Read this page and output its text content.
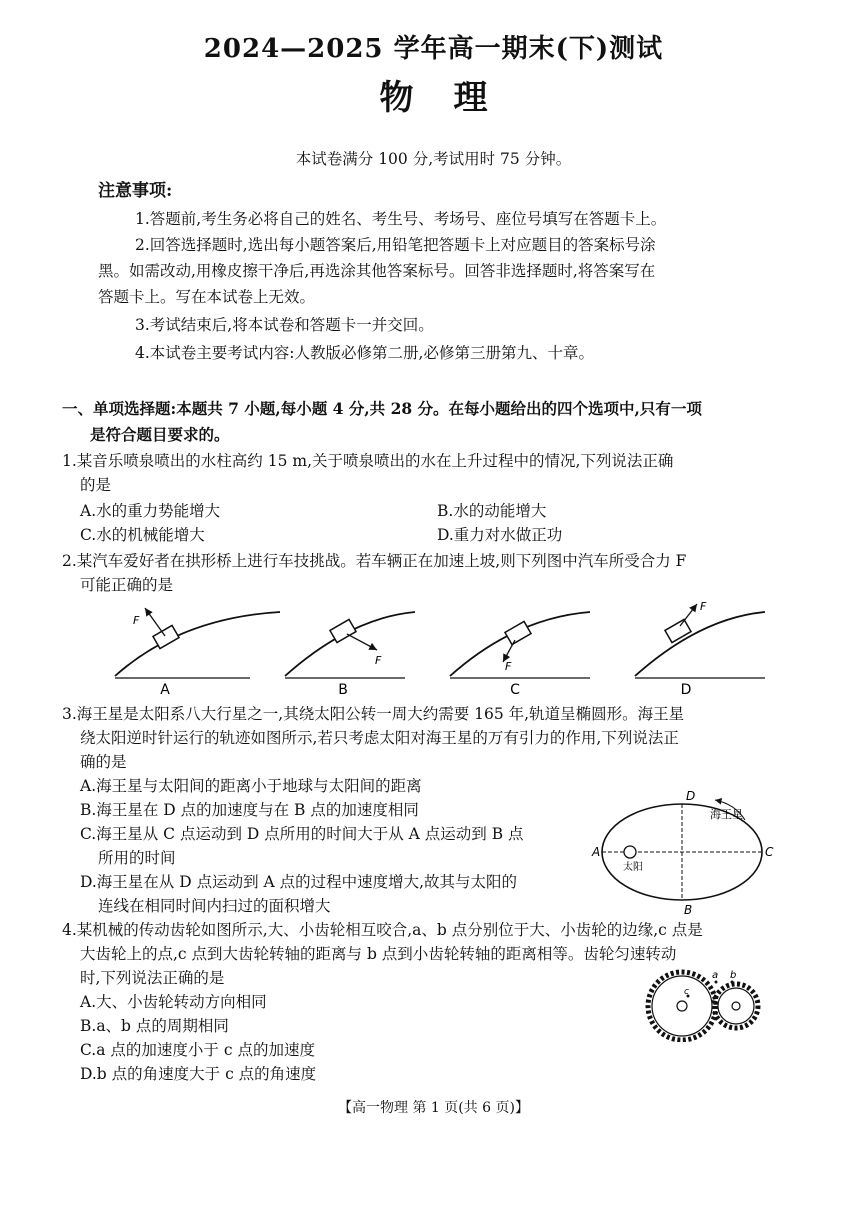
2024—2025 学年高一期末(下)测试
物理
本试卷满分 100 分,考试用时 75 分钟。
注意事项:
1.答题前,考生务必将自己的姓名、考生号、考场号、座位号填写在答题卡上。
2.回答选择题时,选出每小题答案后,用铅笔把答题卡上对应题目的答案标号涂
黑。如需改动,用橡皮擦干净后,再选涂其他答案标号。回答非选择题时,将答案写在
答题卡上。写在本试卷上无效。
3.考试结束后,将本试卷和答题卡一并交回。
4.本试卷主要考试内容:人教版必修第二册,必修第三册第九、十章。
一、单项选择题:本题共 7 小题,每小题 4 分,共 28 分。在每小题给出的四个选项中,只有一项
是符合题目要求的。
1.某音乐喷泉喷出的水柱高约 15 m,关于喷泉喷出的水在上升过程中的情况,下列说法正确
的是
A.水的重力势能增大	B.水的动能增大
C.水的机械能增大	D.重力对水做正功
2.某汽车爱好者在拱形桥上进行车技挑战。若车辆正在加速上坡,则下列图中汽车所受合力 F
可能正确的是
F
A
F
B
F
C
F
D
3.海王星是太阳系八大行星之一,其绕太阳公转一周大约需要 165 年,轨道呈椭圆形。海王星
绕太阳逆时针运行的轨迹如图所示,若只考虑太阳对海王星的万有引力的作用,下列说法正
确的是
A.海王星与太阳间的距离小于地球与太阳间的距离
B.海王星在 D 点的加速度与在 B 点的加速度相同
C.海王星从 C 点运动到 D 点所用的时间大于从 A 点运动到 B 点
所用的时间
D.海王星在从 D 点运动到 A 点的过程中速度增大,故其与太阳的
连线在相同时间内扫过的面积增大
海王星
太阳
D
A
B
C
4.某机械的传动齿轮如图所示,大、小齿轮相互咬合,a、b 点分别位于大、小齿轮的边缘,c 点是
大齿轮上的点,c 点到大齿轮转轴的距离与 b 点到小齿轮转轴的距离相等。齿轮匀速转动
时,下列说法正确的是
A.大、小齿轮转动方向相同
B.a、b 点的周期相同
C.a 点的加速度小于 c 点的加速度
D.b 点的角速度大于 c 点的角速度
a b
c
【高一物理 第 1 页(共 6 页)】
